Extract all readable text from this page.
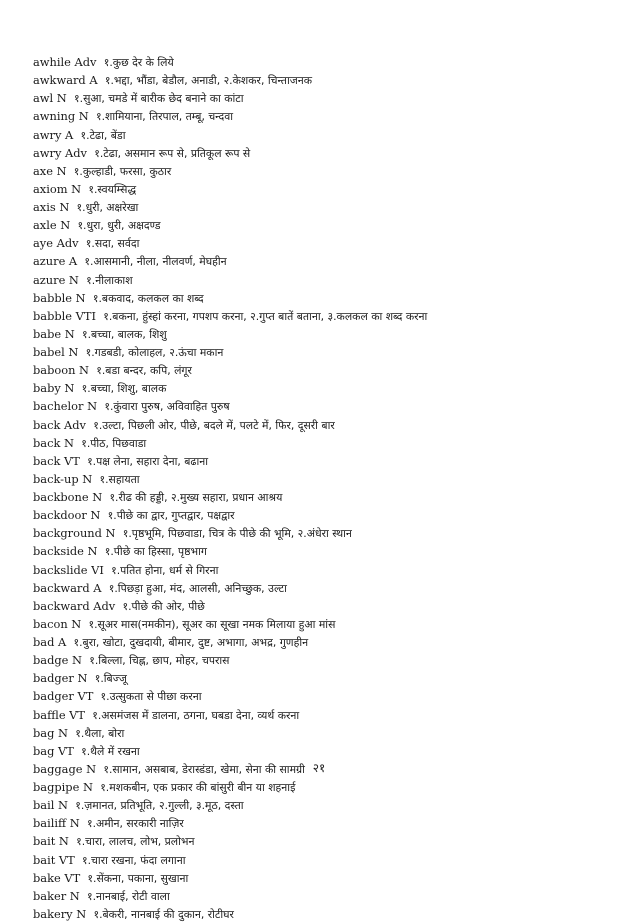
awhile Adv १.कुछ देर के लिये
awkward A १.भद्दा, भौंडा, बेडौल, अनाडी, २.केशकर, चिन्ताजनक
awl N १.सुआ, चमडे में बारीक छेद बनाने का कांटा
awning N १.शामियाना, तिरपाल, तम्बू, चन्दवा
awry A १.टेढा, बेंडा
awry Adv १.टेढा, असमान रूप से, प्रतिकूल रूप से
axe N १.कुल्हाडी, फरसा, कुठार
axiom N १.स्वयम्सिद्ध
axis N १.धुरी, अक्षरेखा
axle N १.धुरा, धुरी, अक्षदण्ड
aye Adv १.सदा, सर्वदा
azure A १.आसमानी, नीला, नीलवर्ण, मेघहीन
azure N १.नीलाकाश
babble N १.बकवाद, कलकल का शब्द
babble VTI १.बकना, हुंस्हां करना, गपशप करना, २.गुप्त बातें बताना, ३.कलकल का शब्द करना
babe N १.बच्चा, बालक, शिशु
babel N १.गडबडी, कोलाहल, २.ऊंचा मकान
baboon N १.बडा बन्दर, कपि, लंगूर
baby N १.बच्चा, शिशु, बालक
bachelor N १.कुंवारा पुरुष, अविवाहित पुरुष
back Adv १.उल्टा, पिछली ओर, पीछे, बदले में, पलटे में, फिर, दूसरी बार
back N १.पीठ, पिछवाडा
back VT १.पक्ष लेना, सहारा देना, बढाना
back-up N १.सहायता
backbone N १.रीढ की हड्डी, २.मुख्य सहारा, प्रधान आश्रय
backdoor N १.पीछे का द्वार, गुप्तद्वार, पक्षद्वार
background N १.पृष्ठभूमि, पिछवाडा, चित्र के पीछे की भूमि, २.अंधेरा स्थान
backside N १.पीछे का हिस्सा, पृष्ठभाग
backslide VI १.पतित होना, धर्म से गिरना
backward A १.पिछड़ा हुआ, मंद, आलसी, अनिच्छुक, उल्टा
backward Adv १.पीछे की ओर, पीछे
bacon N १.सूअर मास(नमकीन), सूअर का सूखा नमक मिलाया हुआ मांस
bad A १.बुरा, खोटा, दुखदायी, बीमार, दुष्ट, अभागा, अभद्र, गुणहीन
badge N १.बिल्ला, चिह्न, छाप, मोहर, चपरास
badger N १.बिज्जू
badger VT १.उत्सुकता से पीछा करना
baffle VT १.असमंजस में डालना, ठगना, घबडा देना, व्यर्थ करना
bag N १.थैला, बोरा
bag VT १.थैले में रखना
baggage N १.सामान, असबाब, डेरास्डंडा, खेमा, सेना की सामग्री
bagpipe N १.मशकबीन, एक प्रकार की बांसुरी बीन या शहनाई
bail N १.ज़मानत, प्रतिभूति, २.गुल्ली, ३.मूठ, दस्ता
bailiff N १.अमीन, सरकारी नाज़िर
bait N १.चारा, लालच, लोभ, प्रलोभन
bait VT १.चारा रखना, फंदा लगाना
bake VT १.सेंकना, पकाना, सुखाना
baker N १.नानबाई, रोटी वाला
bakery N १.बेकरी, नानबाई की दुकान, रोटीघर
२१
